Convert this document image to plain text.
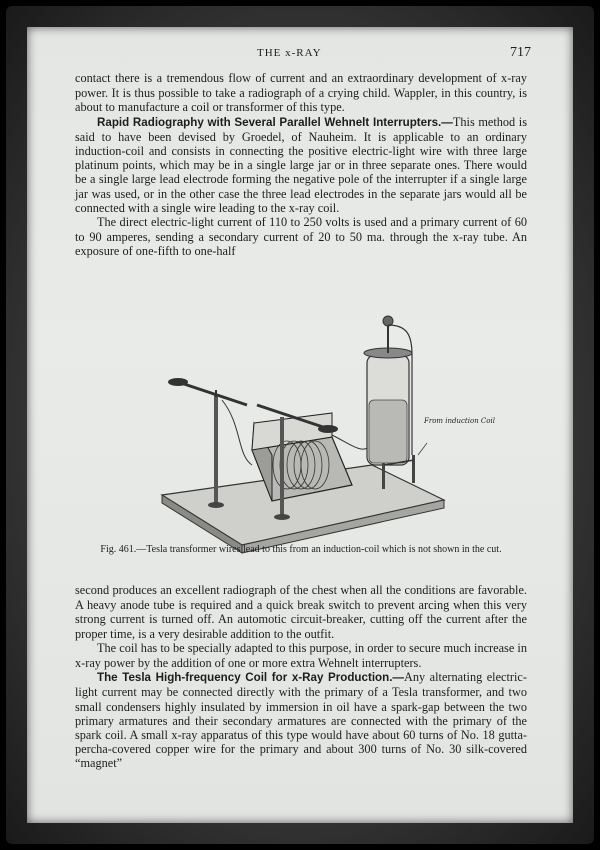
THE x-RAY	717

contact there is a tremendous flow of current and an extraordinary development of x-ray power. It is thus possible to take a radiograph of a crying child. Wappler, in this country, is about to manufacture a coil or transformer of this type.

Rapid Radiography with Several Parallel Wehnelt Interrupters.—This method is said to have been devised by Groedel, of Nauheim. It is applicable to an ordinary induction-coil and consists in connecting the positive electric-light wire with three large platinum points, which may be in a single large jar or in three separate ones. There would be a single large lead electrode forming the negative pole of the interrupter if a single large jar was used, or in the other case the three lead electrodes in the separate jars would all be connected with a single wire leading to the x-ray coil.

The direct electric-light current of 110 to 250 volts is used and a primary current of 60 to 90 amperes, sending a secondary current of 20 to 50 ma. through the x-ray tube. An exposure of one-fifth to one-half

From induction Coil
Fig. 461.—Tesla transformer wires lead to this from an induction-coil which is not shown in the cut.

second produces an excellent radiograph of the chest when all the conditions are favorable. A heavy anode tube is required and a quick break switch to prevent arcing when this very strong current is turned off. An automotic circuit-breaker, cutting off the current after the proper time, is a very desirable addition to the outfit.

The coil has to be specially adapted to this purpose, in order to secure much increase in x-ray power by the addition of one or more extra Wehnelt interrupters.

The Tesla High-frequency Coil for x-Ray Production.—Any alternating electric-light current may be connected directly with the primary of a Tesla transformer, and two small condensers highly insulated by immersion in oil have a spark-gap between the two primary armatures and their secondary armatures are connected with the primary of the spark coil. A small x-ray apparatus of this type would have about 60 turns of No. 18 gutta-percha-covered copper wire for the primary and about 300 turns of No. 30 silk-covered “magnet”
